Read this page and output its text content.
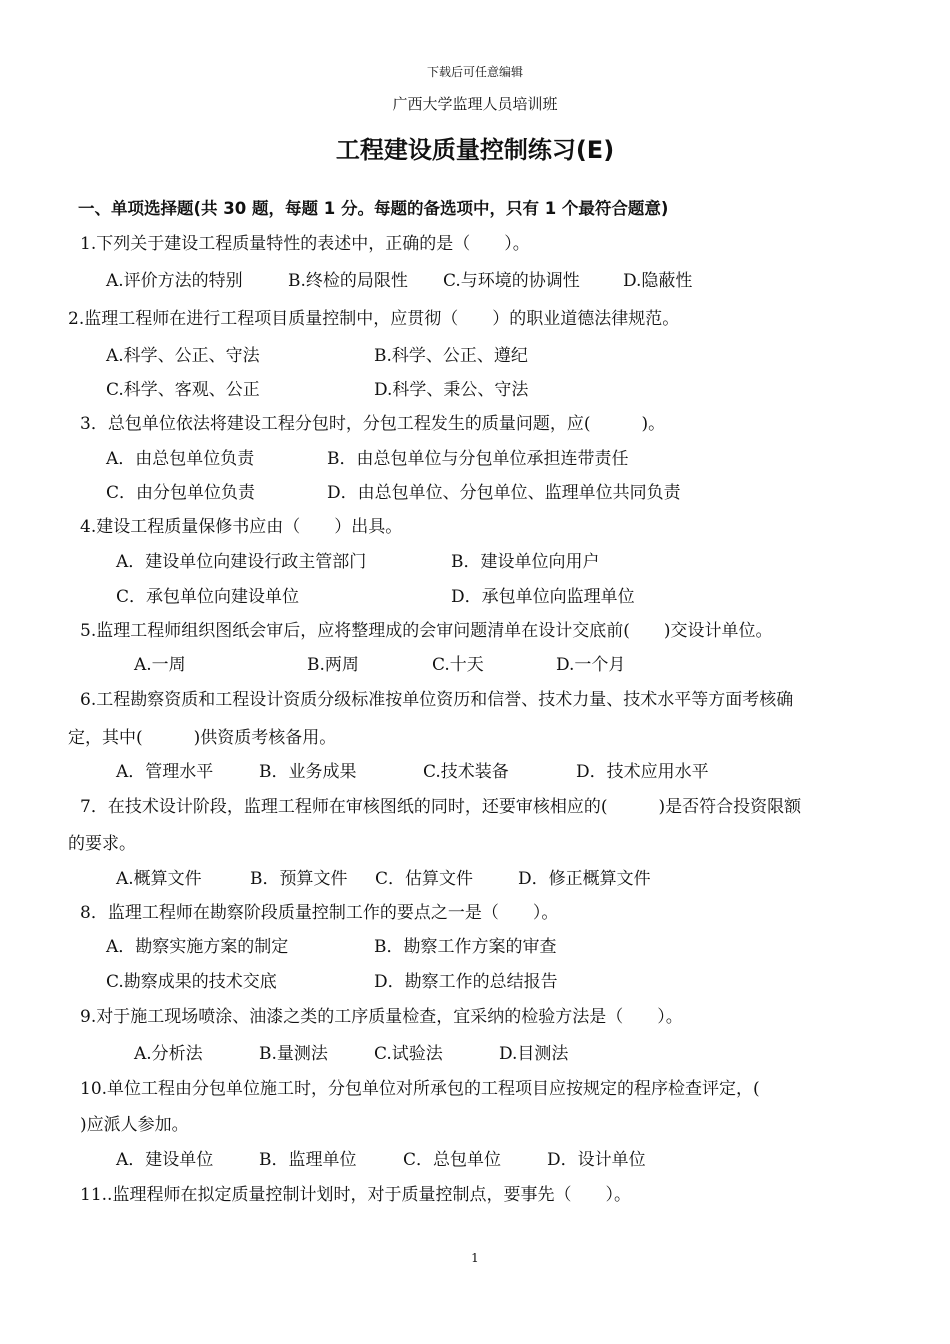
下载后可任意编辑
广西大学监理人员培训班
工程建设质量控制练习(E)
一、单项选择题(共 30 题，每题 1 分。每题的备选项中，只有 1 个最符合题意)
1.下列关于建设工程质量特性的表述中，正确的是（　　）。
A.评价方法的特别	B.终检的局限性 C.与环境的协调性	D.隐蔽性
2.监理工程师在进行工程项目质量控制中，应贯彻（　　）的职业道德法律规范。
A.科学、公正、守法	B.科学、公正、遵纪
C.科学、客观、公正	D.科学、秉公、守法
3．总包单位依法将建设工程分包时，分包工程发生的质量问题，应(　　　)。
A．由总包单位负责	B．由总包单位与分包单位承担连带责任
C．由分包单位负责	D．由总包单位、分包单位、监理单位共同负责
4.建设工程质量保修书应由（　　）出具。
A．建设单位向建设行政主管部门	B．建设单位向用户
C．承包单位向建设单位	D．承包单位向监理单位
5.监理工程师组织图纸会审后，应将整理成的会审问题清单在设计交底前(　　)交设计单位。
A.一周	B.两周	C.十天	D.一个月
6.工程勘察资质和工程设计资质分级标准按单位资历和信誉、技术力量、技术水平等方面考核确
定，其中(　　　)供资质考核备用。
A．管理水平	B．业务成果	C.技术装备	D．技术应用水平
7．在技术设计阶段，监理工程师在审核图纸的同时，还要审核相应的(　　　)是否符合投资限额
的要求。
A.概算文件	B．预算文件 C．估算文件	D．修正概算文件
8．监理工程师在勘察阶段质量控制工作的要点之一是（　　）。
A．勘察实施方案的制定	B．勘察工作方案的审查
C.勘察成果的技术交底	D．勘察工作的总结报告
9.对于施工现场喷涂、油漆之类的工序质量检查，宜采纳的检验方法是（　　）。
A.分析法	B.量测法	C.试验法	D.目测法
10.单位工程由分包单位施工时，分包单位对所承包的工程项目应按规定的程序检查评定，(
)应派人参加。
A．建设单位	B．监理单位	C．总包单位	D．设计单位
11..监理程师在拟定质量控制计划时，对于质量控制点，要事先（　　）。
1
